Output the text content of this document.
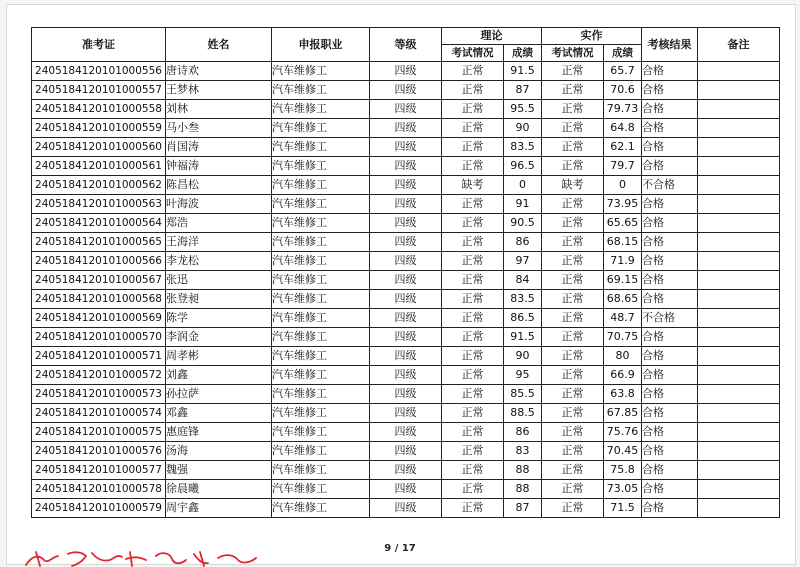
准考证	姓名	申报职业	等级	理论		实作		考核结果	备注
				考试情况	成绩	考试情况	成绩		
2405184120101000556	唐诗欢	汽车维修工	四级	正常	91.5	正常	65.7	合格	
2405184120101000557	王梦林	汽车维修工	四级	正常	87	正常	70.6	合格	
2405184120101000558	刘林	汽车维修工	四级	正常	95.5	正常	79.73	合格	
2405184120101000559	马小叁	汽车维修工	四级	正常	90	正常	64.8	合格	
2405184120101000560	肖国涛	汽车维修工	四级	正常	83.5	正常	62.1	合格	
2405184120101000561	钟福涛	汽车维修工	四级	正常	96.5	正常	79.7	合格	
2405184120101000562	陈昌松	汽车维修工	四级	缺考	0	缺考	0	不合格	
2405184120101000563	叶海波	汽车维修工	四级	正常	91	正常	73.95	合格	
2405184120101000564	郑浩	汽车维修工	四级	正常	90.5	正常	65.65	合格	
2405184120101000565	王海洋	汽车维修工	四级	正常	86	正常	68.15	合格	
2405184120101000566	李龙松	汽车维修工	四级	正常	97	正常	71.9	合格	
2405184120101000567	张迅	汽车维修工	四级	正常	84	正常	69.15	合格	
2405184120101000568	张登昶	汽车维修工	四级	正常	83.5	正常	68.65	合格	
2405184120101000569	陈学	汽车维修工	四级	正常	86.5	正常	48.7	不合格	
2405184120101000570	李润金	汽车维修工	四级	正常	91.5	正常	70.75	合格	
2405184120101000571	周孝彬	汽车维修工	四级	正常	90	正常	80	合格	
2405184120101000572	刘鑫	汽车维修工	四级	正常	95	正常	66.9	合格	
2405184120101000573	孙拉萨	汽车维修工	四级	正常	85.5	正常	63.8	合格	
2405184120101000574	邓鑫	汽车维修工	四级	正常	88.5	正常	67.85	合格	
2405184120101000575	惠庭锋	汽车维修工	四级	正常	86	正常	75.76	合格	
2405184120101000576	汤海	汽车维修工	四级	正常	83	正常	70.45	合格	
2405184120101000577	魏强	汽车维修工	四级	正常	88	正常	75.8	合格	
2405184120101000578	徐晨曦	汽车维修工	四级	正常	88	正常	73.05	合格	
2405184120101000579	周宇鑫	汽车维修工	四级	正常	87	正常	71.5	合格	
9 / 17
